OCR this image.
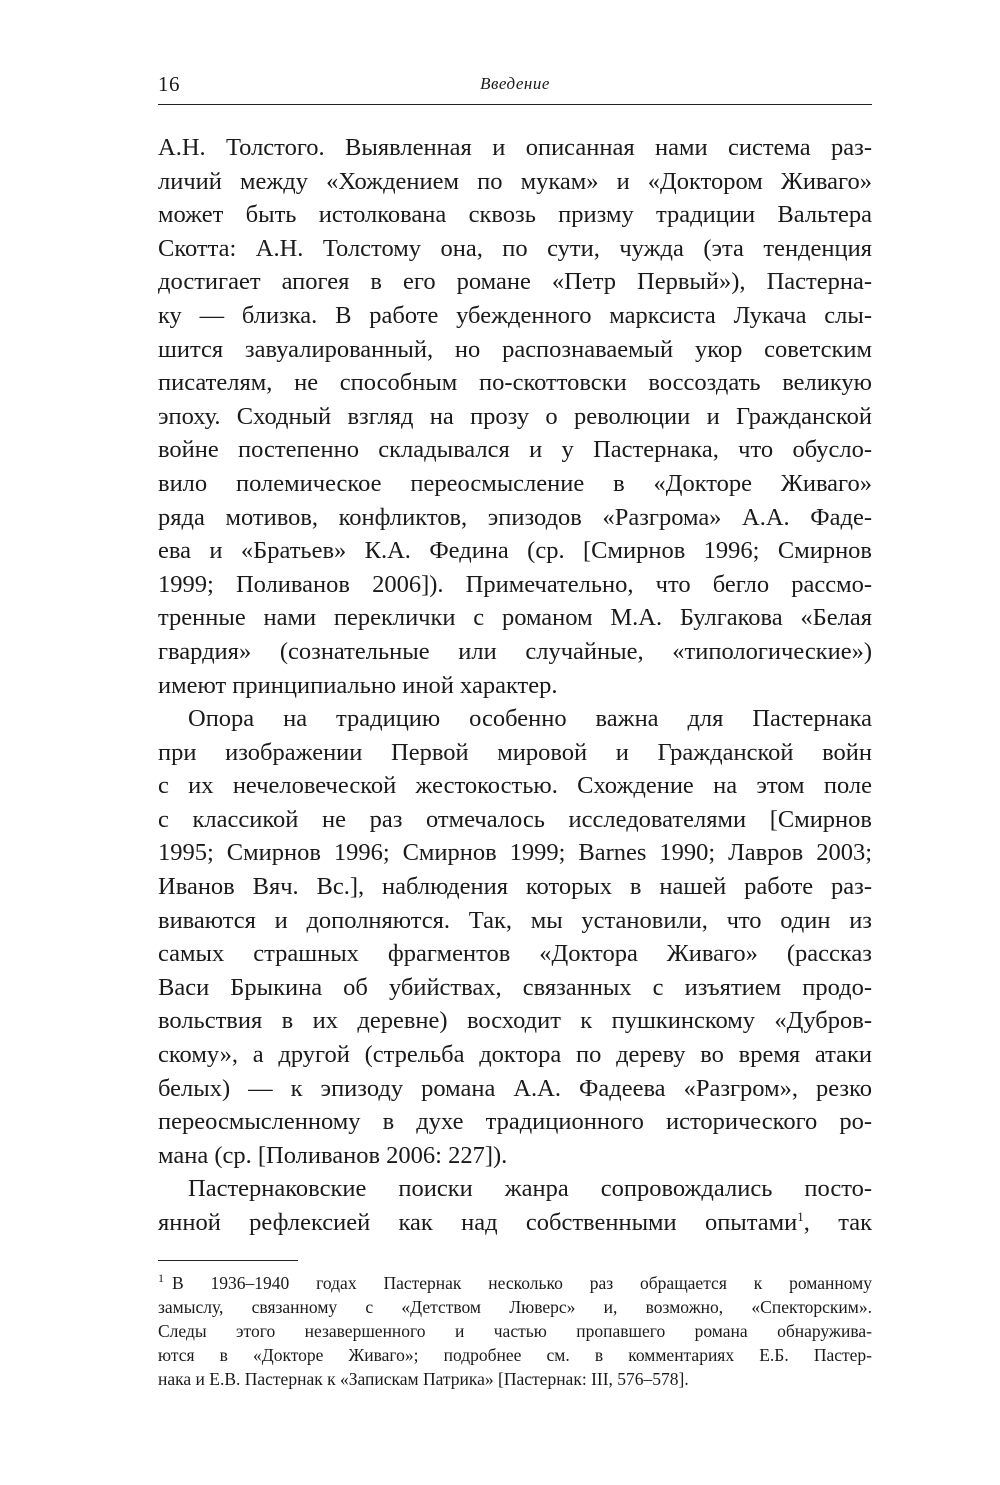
16	Введение
А.Н. Толстого. Выявленная и описанная нами система раз-
личий между «Хождением по мукам» и «Доктором Живаго»
может быть истолкована сквозь призму традиции Вальтера
Скотта: А.Н. Толстому она, по сути, чужда (эта тенденция
достигает апогея в его романе «Петр Первый»), Пастерна-
ку — близка. В работе убежденного марксиста Лукача слы-
шится завуалированный, но распознаваемый укор советским
писателям, не способным по-скоттовски воссоздать великую
эпоху. Сходный взгляд на прозу о революции и Гражданской
войне постепенно складывался и у Пастернака, что обусло-
вило полемическое переосмысление в «Докторе Живаго»
ряда мотивов, конфликтов, эпизодов «Разгрома» А.А. Фаде-
ева и «Братьев» К.А. Федина (ср. [Смирнов 1996; Смирнов
1999; Поливанов 2006]). Примечательно, что бегло рассмо-
тренные нами переклички с романом М.А. Булгакова «Белая
гвардия» (сознательные или случайные, «типологические»)
имеют принципиально иной характер.
Опора на традицию особенно важна для Пастернака
при изображении Первой мировой и Гражданской войн
с их нечеловеческой жестокостью. Схождение на этом поле
с классикой не раз отмечалось исследователями [Смирнов
1995; Смирнов 1996; Смирнов 1999; Barnes 1990; Лавров 2003;
Иванов Вяч. Вс.], наблюдения которых в нашей работе раз-
виваются и дополняются. Так, мы установили, что один из
самых страшных фрагментов «Доктора Живаго» (рассказ
Васи Брыкина об убийствах, связанных с изъятием продо-
вольствия в их деревне) восходит к пушкинскому «Дубров-
скому», а другой (стрельба доктора по дереву во время атаки
белых) — к эпизоду романа А.А. Фадеева «Разгром», резко
переосмысленному в духе традиционного исторического ро-
мана (ср. [Поливанов 2006: 227]).
Пастернаковские поиски жанра сопровождались посто-
янной рефлексией как над собственными опытами$^1$, так
$^1$ В 1936–1940 годах Пастернак несколько раз обращается к романному
замыслу, связанному с «Детством Люверс» и, возможно, «Спекторским».
Следы этого незавершенного и частью пропавшего романа обнаружива-
ются в «Докторе Живаго»; подробнее см. в комментариях Е.Б. Пастер-
нака и Е.В. Пастернак к «Запискам Патрика» [Пастернак: III, 576–578].
